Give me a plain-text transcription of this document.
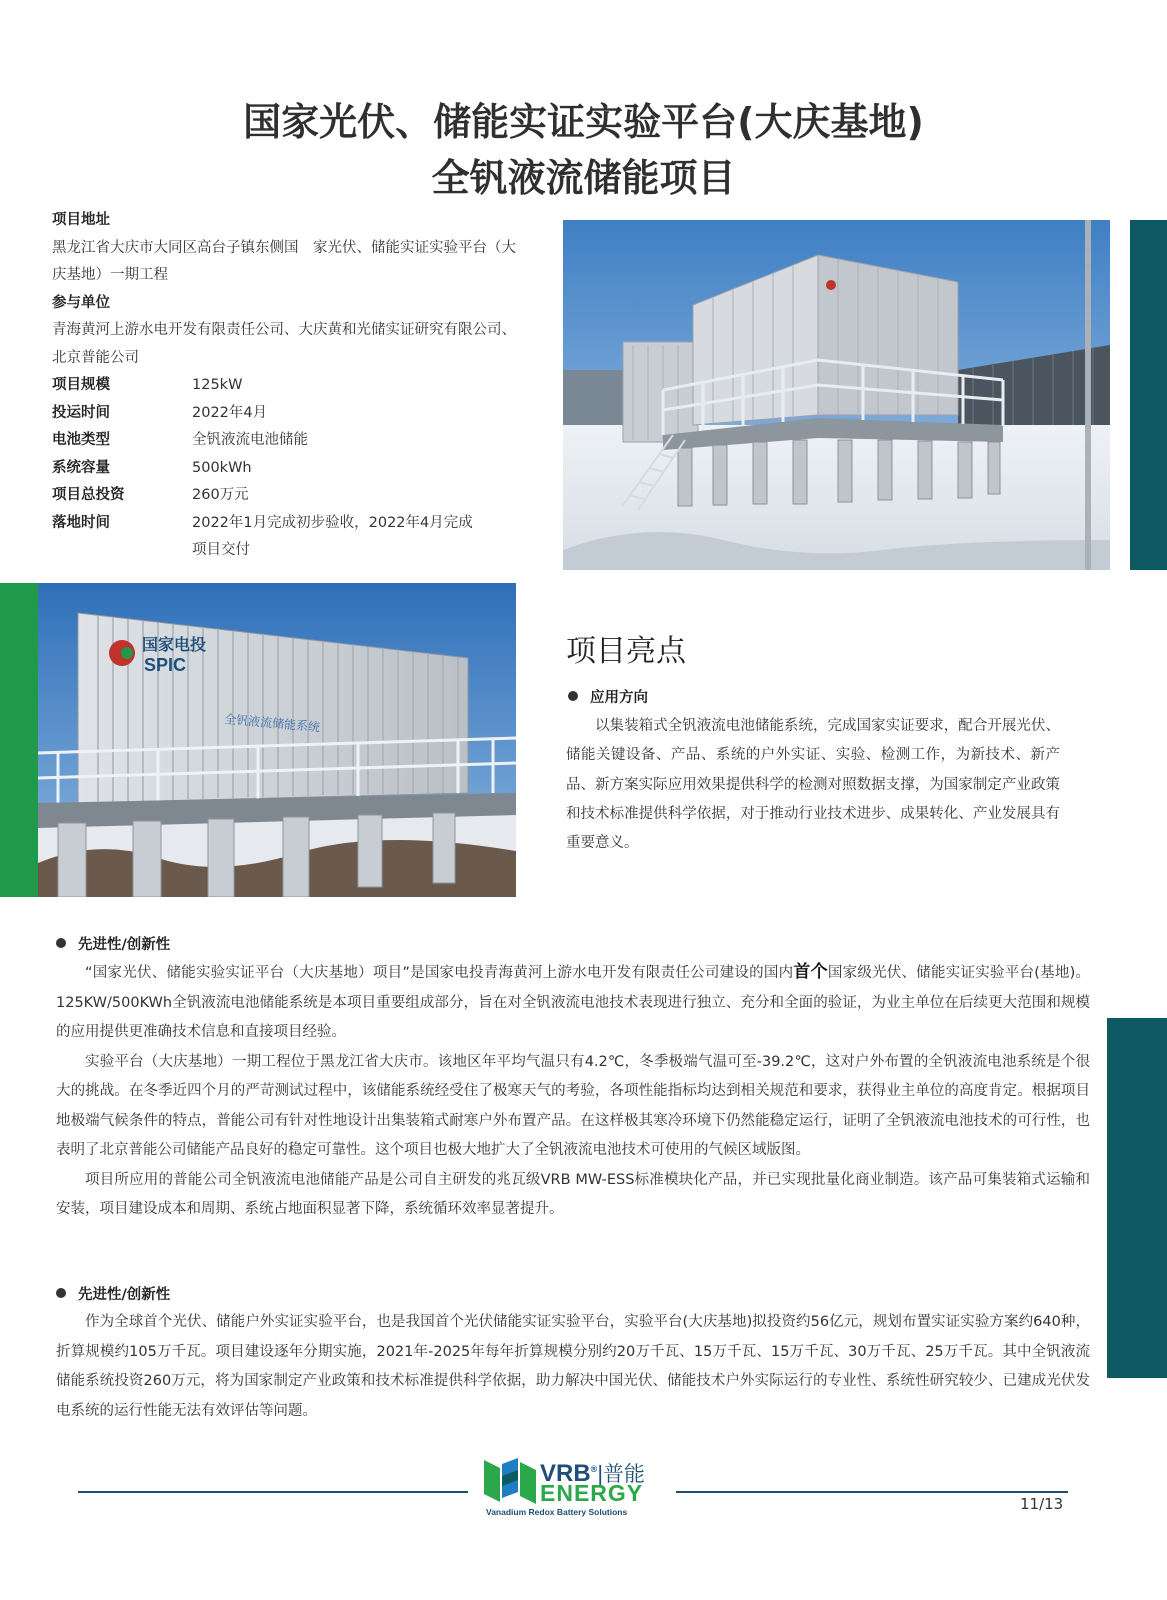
国家光伏、储能实证实验平台(大庆基地)
全钒液流储能项目
项目地址
黑龙江省大庆市大同区高台子镇东侧国　家光伏、储能实证实验平台（大庆基地）一期工程
参与单位
青海黄河上游水电开发有限责任公司、大庆黄和光储实证研究有限公司、北京普能公司
项目规模	125kW
投运时间	2022年4月
电池类型	全钒液流电池储能
系统容量	500kWh
项目总投资	260万元
落地时间	2022年1月完成初步验收，2022年4月完成项目交付
国家电投
SPIC
全钒液流储能系统
项目亮点
应用方向

以集装箱式全钒液流电池储能系统，完成国家实证要求，配合开展光伏、储能关键设备、产品、系统的户外实证、实验、检测工作，为新技术、新产品、新方案实际应用效果提供科学的检测对照数据支撑，为国家制定产业政策和技术标准提供科学依据，对于推动行业技术进步、成果转化、产业发展具有重要意义。

先进性/创新性

“国家光伏、储能实验实证平台（大庆基地）项目”是国家电投青海黄河上游水电开发有限责任公司建设的国内首个国家级光伏、储能实证实验平台(基地)。125KW/500KWh全钒液流电池储能系统是本项目重要组成部分，旨在对全钒液流电池技术表现进行独立、充分和全面的验证，为业主单位在后续更大范围和规模的应用提供更准确技术信息和直接项目经验。

实验平台（大庆基地）一期工程位于黑龙江省大庆市。该地区年平均气温只有4.2℃，冬季极端气温可至-39.2℃，这对户外布置的全钒液流电池系统是个很大的挑战。在冬季近四个月的严苛测试过程中，该储能系统经受住了极寒天气的考验，各项性能指标均达到相关规范和要求，获得业主单位的高度肯定。根据项目地极端气候条件的特点，普能公司有针对性地设计出集装箱式耐寒户外布置产品。在这样极其寒冷环境下仍然能稳定运行，证明了全钒液流电池技术的可行性，也表明了北京普能公司储能产品良好的稳定可靠性。这个项目也极大地扩大了全钒液流电池技术可使用的气候区域版图。

项目所应用的普能公司全钒液流电池储能产品是公司自主研发的兆瓦级VRB MW-ESS标准模块化产品，并已实现批量化商业制造。该产品可集装箱式运输和安装，项目建设成本和周期、系统占地面积显著下降，系统循环效率显著提升。

先进性/创新性

作为全球首个光伏、储能户外实证实验平台，也是我国首个光伏储能实证实验平台，实验平台(大庆基地)拟投资约56亿元，规划布置实证实验方案约640种，折算规模约105万千瓦。项目建设逐年分期实施，2021年-2025年每年折算规模分别约20万千瓦、15万千瓦、15万千瓦、30万千瓦、25万千瓦。其中全钒液流储能系统投资260万元，将为国家制定产业政策和技术标准提供科学依据，助力解决中国光伏、储能技术户外实际运行的专业性、系统性研究较少、已建成光伏发电系统的运行性能无法有效评估等问题。

VRB®|普能
ENERGY
Vanadium Redox Battery Solutions	11/13
